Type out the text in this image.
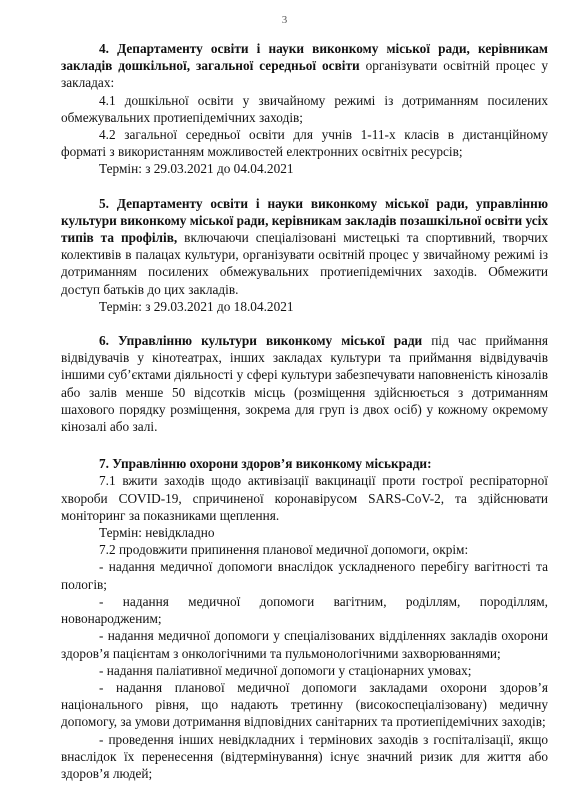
3

4. Департаменту освіти і науки виконкому міської ради, керівникам закладів дошкільної, загальної середньої освіти організувати освітній процес у закладах:

4.1 дошкільної освіти у звичайному режимі із дотриманням посилених обмежувальних протиепідемічних заходів;

4.2 загальної середньої освіти для учнів 1-11-х класів в дистанційному форматі з використанням можливостей електронних освітніх ресурсів;

Термін: з 29.03.2021 до 04.04.2021

5. Департаменту освіти і науки виконкому міської ради, управлінню культури виконкому міської ради, керівникам закладів позашкільної освіти усіх типів та профілів, включаючи спеціалізовані мистецькі та спортивний, творчих колективів в палацах культури, організувати освітній процес у звичайному режимі із дотриманням посилених обмежувальних протиепідемічних заходів. Обмежити доступ батьків до цих закладів.

Термін: з 29.03.2021 до 18.04.2021

6. Управлінню культури виконкому міської ради під час приймання відвідувачів у кінотеатрах, інших закладах культури та приймання відвідувачів іншими суб’єктами діяльності у сфері культури забезпечувати наповненість кінозалів або залів менше 50 відсотків місць (розміщення здійснюється з дотриманням шахового порядку розміщення, зокрема для груп із двох осіб) у кожному окремому кінозалі або залі.

7. Управлінню охорони здоров’я виконкому міськради:

7.1 вжити заходів щодо активізації вакцинації проти гострої респіраторної хвороби COVID-19, спричиненої коронавірусом SARS-CoV-2, та здійснювати моніторинг за показниками щеплення.

Термін: невідкладно

7.2 продовжити припинення планової медичної допомоги, окрім:

- надання медичної допомоги внаслідок ускладненого перебігу вагітності та пологів;

- надання медичної допомоги вагітним, роділлям, породіллям, новонародженим;

- надання медичної допомоги у спеціалізованих відділеннях закладів охорони здоров’я пацієнтам з онкологічними та пульмонологічними захворюваннями;

- надання паліативної медичної допомоги у стаціонарних умовах;

- надання планової медичної допомоги закладами охорони здоров’я національного рівня, що надають третинну (високоспеціалізовану) медичну допомогу, за умови дотримання відповідних санітарних та протиепідемічних заходів;

- проведення інших невідкладних і термінових заходів з госпіталізації, якщо внаслідок їх перенесення (відтермінування) існує значний ризик для життя або здоров’я людей;
